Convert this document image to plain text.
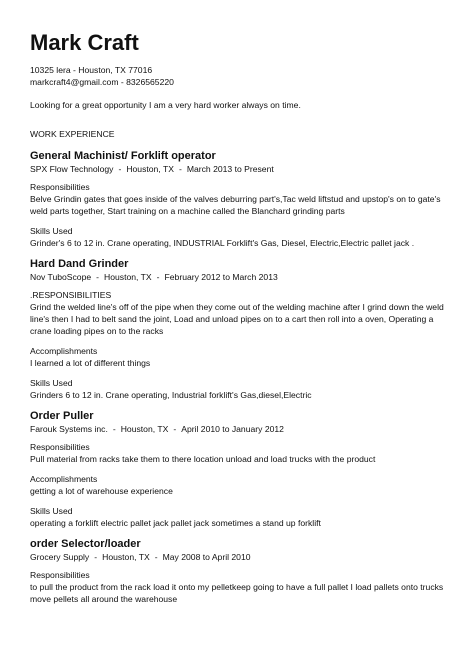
Mark Craft
10325 lera - Houston, TX 77016
markcraft4@gmail.com - 8326565220
Looking for a great opportunity I am a very hard worker always on time.
WORK EXPERIENCE
General Machinist/ Forklift operator
SPX Flow Technology - Houston, TX - March 2013 to Present
Responsibilities
Belve Grindin gates that goes inside of the valves deburring part's,Tac weld liftstud and upstop's on to gate's weld parts together, Start training on a machine called the Blanchard grinding parts
Skills Used
Grinder's 6 to 12 in. Crane operating, INDUSTRIAL Forklift's Gas, Diesel, Electric,Electric pallet jack .
Hard Dand Grinder
Nov TuboScope - Houston, TX - February 2012 to March 2013
.RESPONSIBILITIES
Grind the welded line's off of the pipe when they come out of the welding machine after I grind down the weld line's then I had to belt sand the joint, Load and unload pipes on to a cart then roll into a oven, Operating a crane loading pipes on to the racks
Accomplishments
I learned a lot of different things
Skills Used
Grinders 6 to 12 in. Crane operating, Industrial forklift's Gas,diesel,Electric
Order Puller
Farouk Systems inc. - Houston, TX - April 2010 to January 2012
Responsibilities
Pull material from racks take them to there location unload and load trucks with the product
Accomplishments
getting a lot of warehouse experience
Skills Used
operating a forklift electric pallet jack pallet jack sometimes a stand up forklift
order Selector/loader
Grocery Supply - Houston, TX - May 2008 to April 2010
Responsibilities
to pull the product from the rack load it onto my pelletkeep going to have a full pallet I load pallets onto trucks move pellets all around the warehouse
